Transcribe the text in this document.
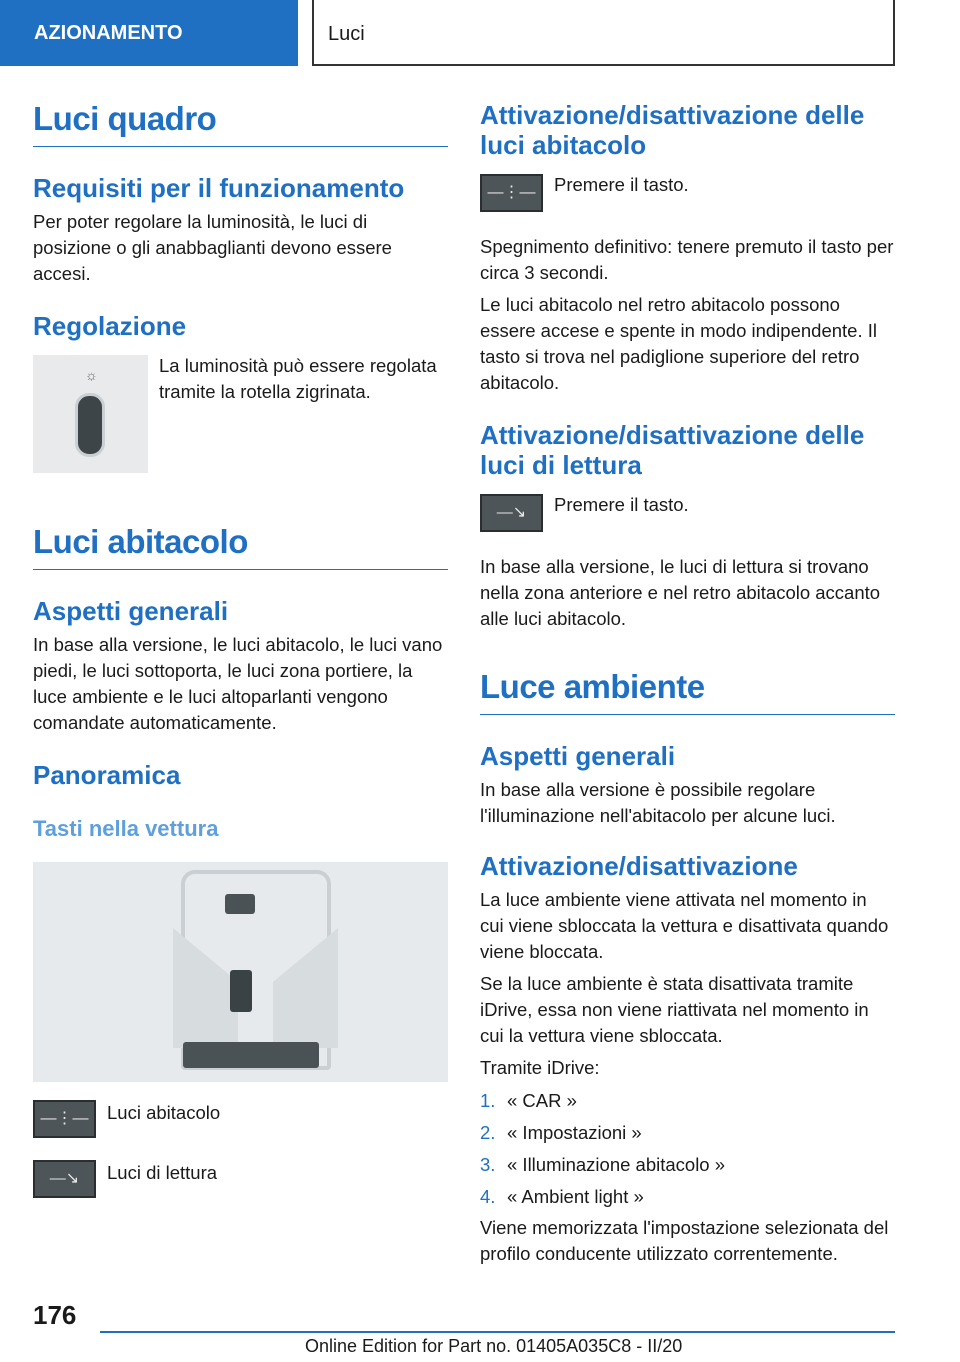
AZIONAMENTO	Luci
Luci quadro
Requisiti per il funzionamento

Per poter regolare la luminosità, le luci di posizione o gli anabbaglianti devono essere accesi.

Regolazione
☼	La luminosità può essere regolata tramite la rotella zigrinata.

Luci abitacolo
Aspetti generali

In base alla versione, le luci abitacolo, le luci vano piedi, le luci sottoporta, le luci zona portiere, la luce ambiente e le luci altoparlanti vengono comandate automaticamente.

Panoramica
Tasti nella vettura
—⋮— Luci abitacolo

—↘	Luci di lettura

Attivazione/disattivazione delle luci abitacolo
—⋮— Premere il tasto.

Spegnimento definitivo: tenere premuto il tasto per circa 3 secondi.

Le luci abitacolo nel retro abitacolo possono essere accese e spente in modo indipendente. Il tasto si trova nel padiglione superiore del retro abitacolo.

Attivazione/disattivazione delle luci di lettura
—↘	Premere il tasto.

In base alla versione, le luci di lettura si trovano nella zona anteriore e nel retro abitacolo accanto alle luci abitacolo.

Luce ambiente
Aspetti generali

In base alla versione è possibile regolare l'illuminazione nell'abitacolo per alcune luci.

Attivazione/disattivazione

La luce ambiente viene attivata nel momento in cui viene sbloccata la vettura e disattivata quando viene bloccata.

Se la luce ambiente è stata disattivata tramite iDrive, essa non viene riattivata nel momento in cui la vettura viene sbloccata.

Tramite iDrive:

1. « CAR »
2. « Impostazioni »
3. « Illuminazione abitacolo »
4. « Ambient light »

Viene memorizzata l'impostazione selezionata del profilo conducente utilizzato correntemente.

176
Online Edition for Part no. 01405A035C8 - II/20
